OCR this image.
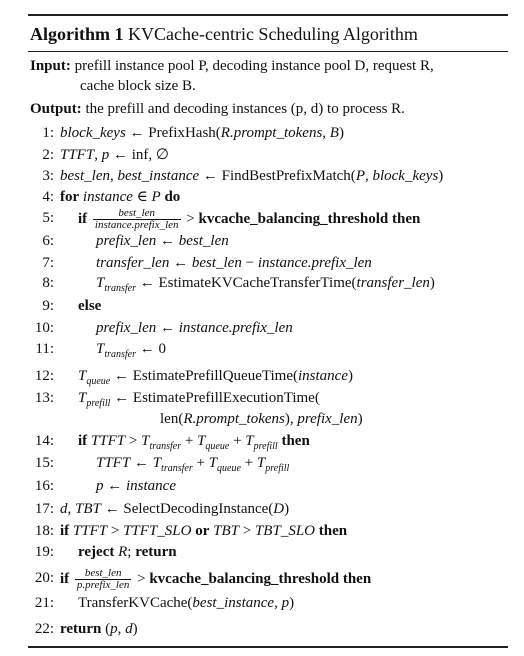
Algorithm 1 KVCache-centric Scheduling Algorithm
Input: prefill instance pool P, decoding instance pool D, request R,
cache block size B.
Output: the prefill and decoding instances (p, d) to process R.
1: block_keys ← PrefixHash(R.prompt_tokens, B)
2: TTFT, p ← inf, ∅
3: best_len, best_instance ← FindBestPrefixMatch(P, block_keys)
4: for instance ∈ P do
5: if $\frac{\text{best\_len}}{\text{instance.prefix\_len}}$ > kvcache_balancing_threshold then
6:	prefix_len ← best_len
7:	transfer_len ← best_len − instance.prefix_len
8:	$T_{transfer}$ ← EstimateKVCacheTransferTime(transfer_len)
9: else
10:	prefix_len ← instance.prefix_len
11:	$T_{transfer}$ ← 0
12: $T_{queue}$ ← EstimatePrefillQueueTime(instance)
13: $T_{prefill}$ ← EstimatePrefillExecutionTime(
len(R.prompt_tokens), prefix_len)
14: if TTFT > $T_{transfer} + T_{queue} + T_{prefill}$ then
15:	TTFT ← $T_{transfer} + T_{queue} + T_{prefill}$
16:	p ← instance
17: d, TBT ← SelectDecodingInstance(D)
18: if TTFT > TTFT_SLO or TBT > TBT_SLO then
19: reject R; return
20: if $\frac{\text{best\_len}}{\text{p.prefix\_len}}$ > kvcache_balancing_threshold then
21: TransferKVCache(best_instance, p)
22: return (p, d)
